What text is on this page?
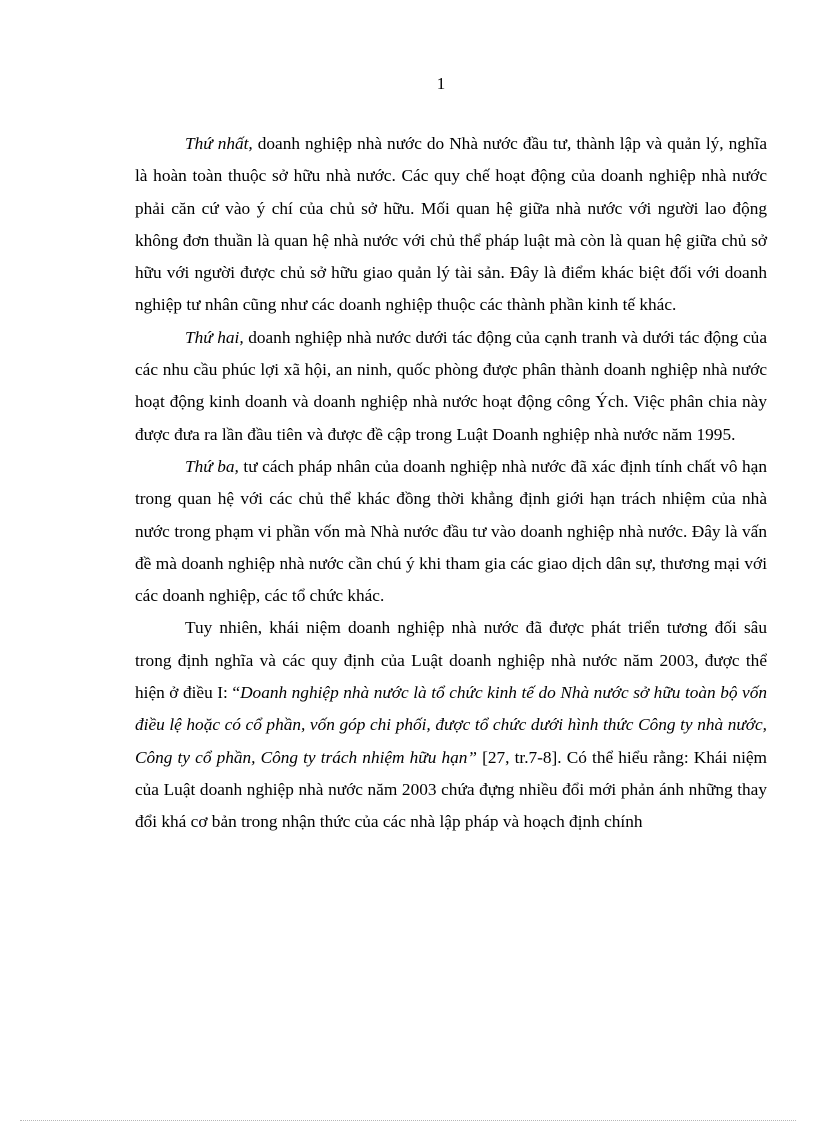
1

Thứ nhất, doanh nghiệp nhà nước do Nhà nước đầu tư, thành lập và quản lý, nghĩa là hoàn toàn thuộc sở hữu nhà nước. Các quy chế hoạt động của doanh nghiệp nhà nước phải căn cứ vào ý chí của chủ sở hữu. Mối quan hệ giữa nhà nước với người lao động không đơn thuần là quan hệ nhà nước với chủ thể pháp luật mà còn là quan hệ giữa chủ sở hữu với người được chủ sở hữu giao quản lý tài sản. Đây là điểm khác biệt đối với doanh nghiệp tư nhân cũng như các doanh nghiệp thuộc các thành phần kinh tế khác.

Thứ hai, doanh nghiệp nhà nước dưới tác động của cạnh tranh và dưới tác động của các nhu cầu phúc lợi xã hội, an ninh, quốc phòng được phân thành doanh nghiệp nhà nước hoạt động kinh doanh và doanh nghiệp nhà nước hoạt động công Ých. Việc phân chia này được đưa ra lần đầu tiên và được đề cập trong Luật Doanh nghiệp nhà nước năm 1995.

Thứ ba, tư cách pháp nhân của doanh nghiệp nhà nước đã xác định tính chất vô hạn trong quan hệ với các chủ thể khác đồng thời khẳng định giới hạn trách nhiệm của nhà nước trong phạm vi phần vốn mà Nhà nước đầu tư vào doanh nghiệp nhà nước. Đây là vấn đề mà doanh nghiệp nhà nước cần chú ý khi tham gia các giao dịch dân sự, thương mại với các doanh nghiệp, các tổ chức khác.

Tuy nhiên, khái niệm doanh nghiệp nhà nước đã được phát triển tương đối sâu trong định nghĩa và các quy định của Luật doanh nghiệp nhà nước năm 2003, được thể hiện ở điều I: “Doanh nghiệp nhà nước là tổ chức kinh tế do Nhà nước sở hữu toàn bộ vốn điều lệ hoặc có cổ phần, vốn góp chi phối, được tổ chức dưới hình thức Công ty nhà nước, Công ty cổ phần, Công ty trách nhiệm hữu hạn” [27, tr.7-8]. Có thể hiểu rằng: Khái niệm của Luật doanh nghiệp nhà nước năm 2003 chứa đựng nhiều đổi mới phản ánh những thay đổi khá cơ bản trong nhận thức của các nhà lập pháp và hoạch định chính
